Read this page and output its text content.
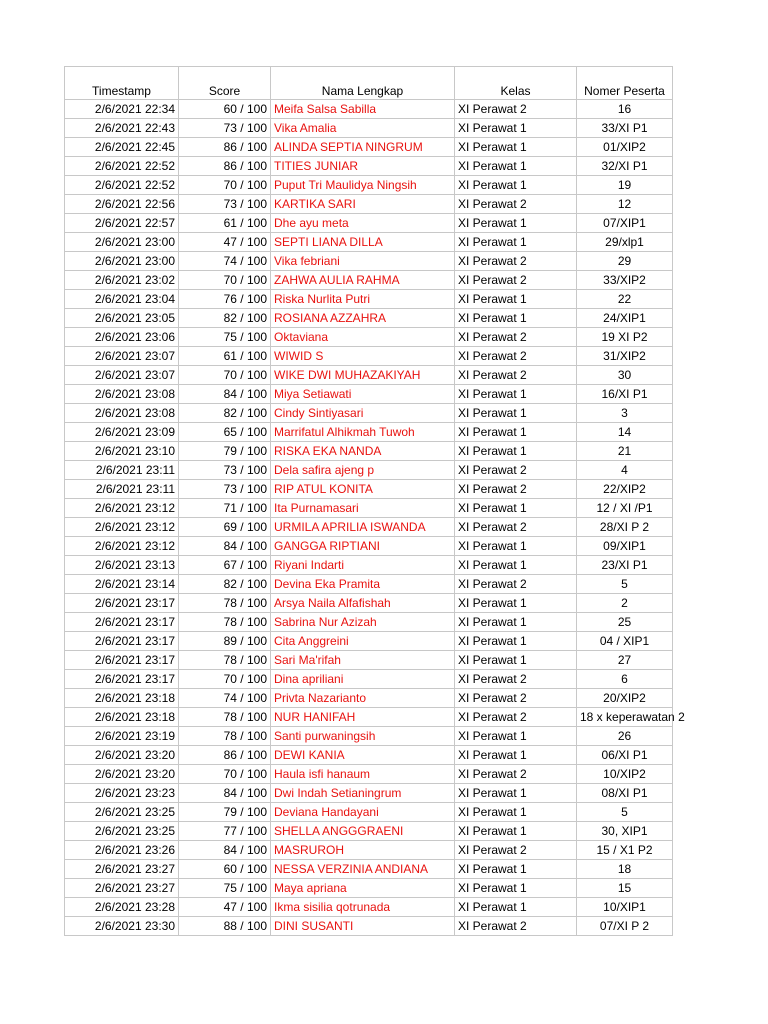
Timestamp	Score	Nama Lengkap	Kelas	Nomer Peserta
2/6/2021 22:34	60 / 100	Meifa Salsa Sabilla	XI Perawat 2	16
2/6/2021 22:43	73 / 100	Vika Amalia	XI Perawat 1	33/XI P1
2/6/2021 22:45	86 / 100	ALINDA SEPTIA NINGRUM	XI Perawat 1	01/XIP2
2/6/2021 22:52	86 / 100	TITIES JUNIAR	XI Perawat 1	32/XI P1
2/6/2021 22:52	70 / 100	Puput Tri Maulidya Ningsih	XI Perawat 1	19
2/6/2021 22:56	73 / 100	KARTIKA SARI	XI Perawat 2	12
2/6/2021 22:57	61 / 100	Dhe ayu meta	XI Perawat 1	07/XIP1
2/6/2021 23:00	47 / 100	SEPTI LIANA DILLA	XI Perawat 1	29/xlp1
2/6/2021 23:00	74 / 100	Vika febriani	XI Perawat 2	29
2/6/2021 23:02	70 / 100	ZAHWA AULIA RAHMA	XI Perawat 2	33/XIP2
2/6/2021 23:04	76 / 100	Riska Nurlita Putri	XI Perawat 1	22
2/6/2021 23:05	82 / 100	ROSIANA AZZAHRA	XI Perawat 1	24/XIP1
2/6/2021 23:06	75 / 100	Oktaviana	XI Perawat 2	19 XI P2
2/6/2021 23:07	61 / 100	WIWID S	XI Perawat 2	31/XIP2
2/6/2021 23:07	70 / 100	WIKE DWI MUHAZAKIYAH	XI Perawat 2	30
2/6/2021 23:08	84 / 100	Miya Setiawati	XI Perawat 1	16/XI P1
2/6/2021 23:08	82 / 100	Cindy Sintiyasari	XI Perawat 1	3
2/6/2021 23:09	65 / 100	Marrifatul Alhikmah Tuwoh	XI Perawat 1	14
2/6/2021 23:10	79 / 100	RISKA EKA NANDA	XI Perawat 1	21
2/6/2021 23:11	73 / 100	Dela safira ajeng p	XI Perawat 2	4
2/6/2021 23:11	73 / 100	RIP ATUL KONITA	XI Perawat 2	22/XIP2
2/6/2021 23:12	71 / 100	Ita Purnamasari	XI Perawat 1	12 / XI /P1
2/6/2021 23:12	69 / 100	URMILA APRILIA ISWANDA	XI Perawat 2	28/XI P 2
2/6/2021 23:12	84 / 100	GANGGA RIPTIANI	XI Perawat 1	09/XIP1
2/6/2021 23:13	67 / 100	Riyani Indarti	XI Perawat 1	23/XI P1
2/6/2021 23:14	82 / 100	Devina Eka Pramita	XI Perawat 2	5
2/6/2021 23:17	78 / 100	Arsya Naila Alfafishah	XI Perawat 1	2
2/6/2021 23:17	78 / 100	Sabrina Nur Azizah	XI Perawat 1	25
2/6/2021 23:17	89 / 100	Cita Anggreini	XI Perawat 1	04 / XIP1
2/6/2021 23:17	78 / 100	Sari Ma'rifah	XI Perawat 1	27
2/6/2021 23:17	70 / 100	Dina apriliani	XI Perawat 2	6
2/6/2021 23:18	74 / 100	Privta Nazarianto	XI Perawat 2	20/XIP2
2/6/2021 23:18	78 / 100	NUR HANIFAH	XI Perawat 2	18 x keperawatan 2
2/6/2021 23:19	78 / 100	Santi purwaningsih	XI Perawat 1	26
2/6/2021 23:20	86 / 100	DEWI KANIA	XI Perawat 1	06/XI P1
2/6/2021 23:20	70 / 100	Haula isfi hanaum	XI Perawat 2	10/XIP2
2/6/2021 23:23	84 / 100	Dwi Indah Setianingrum	XI Perawat 1	08/XI P1
2/6/2021 23:25	79 / 100	Deviana Handayani	XI Perawat 1	5
2/6/2021 23:25	77 / 100	SHELLA ANGGGRAENI	XI Perawat 1	30, XIP1
2/6/2021 23:26	84 / 100	MASRUROH	XI Perawat 2	15 / X1 P2
2/6/2021 23:27	60 / 100	NESSA VERZINIA ANDIANA	XI Perawat 1	18
2/6/2021 23:27	75 / 100	Maya apriana	XI Perawat 1	15
2/6/2021 23:28	47 / 100	Ikma sisilia qotrunada	XI Perawat 1	10/XIP1
2/6/2021 23:30	88 / 100	DINI SUSANTI	XI Perawat 2	07/XI P 2
